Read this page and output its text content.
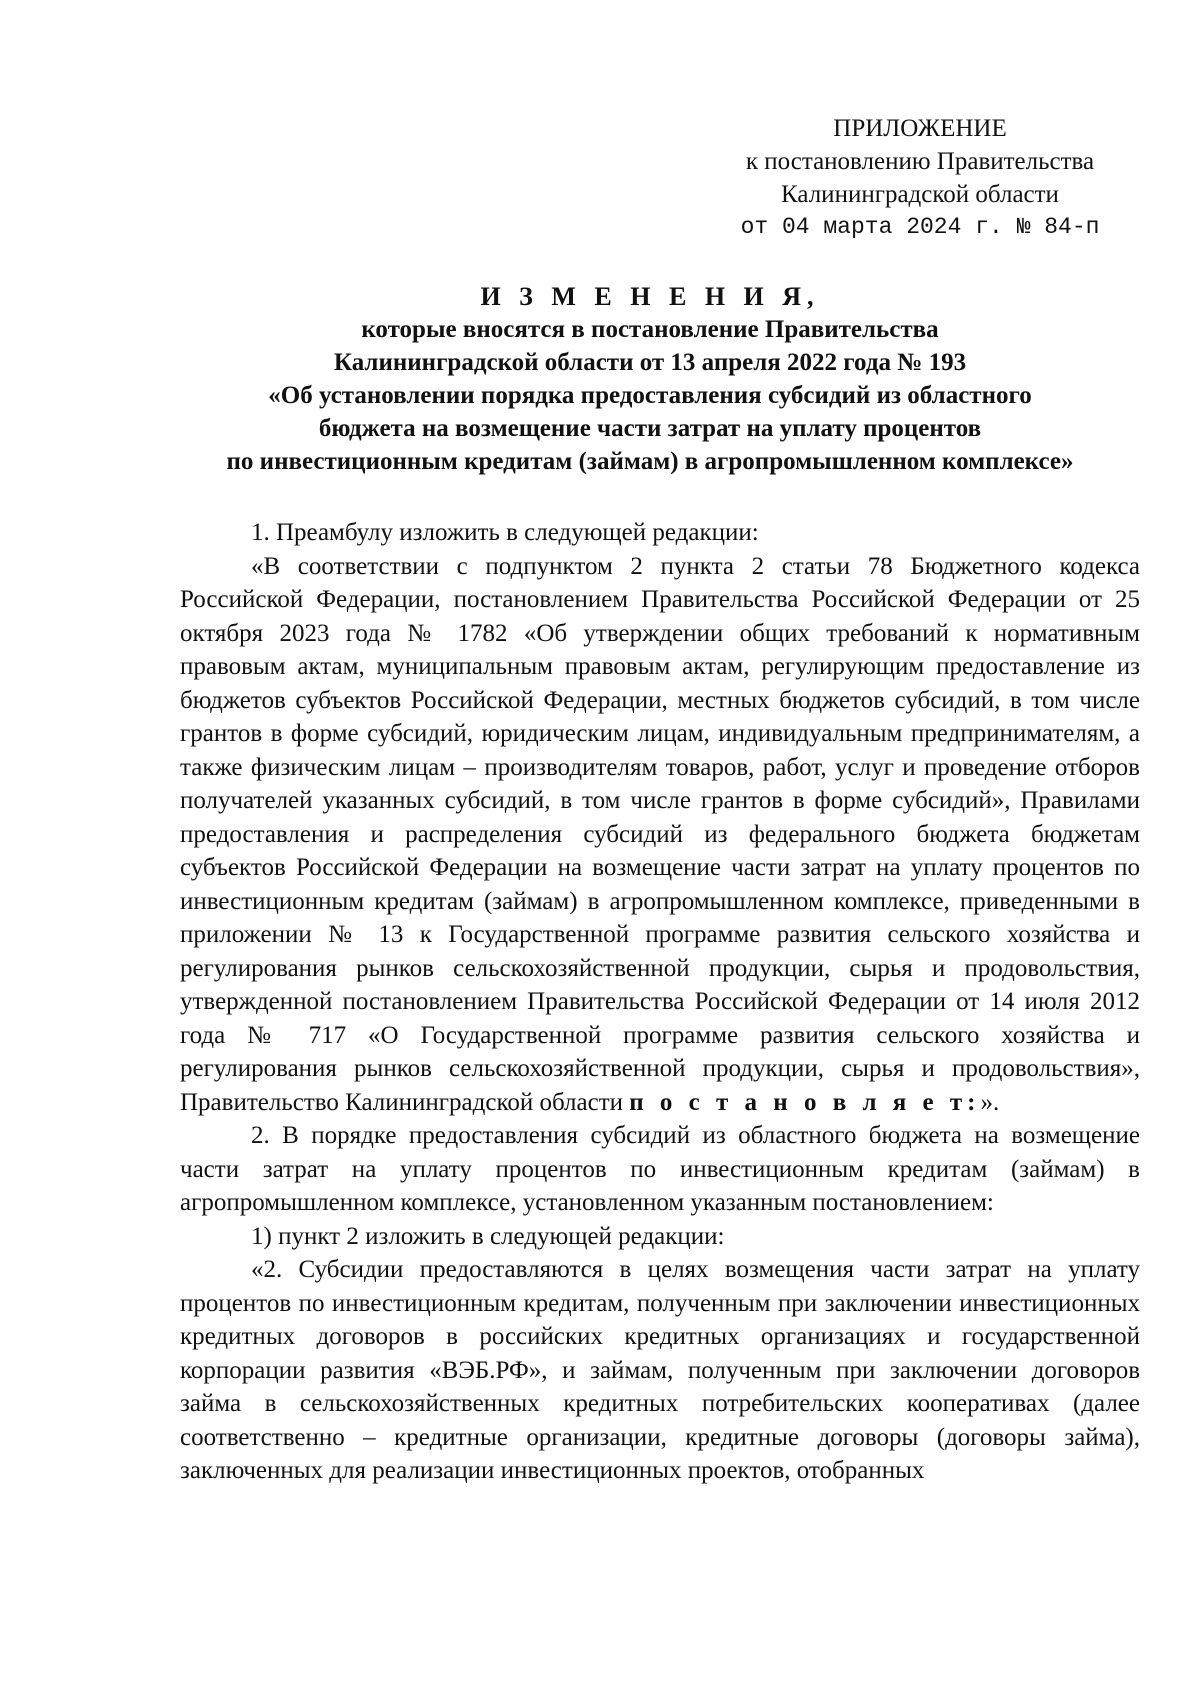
ПРИЛОЖЕНИЕ
к постановлению Правительства
Калининградской области
от 04 марта 2024 г. № 84-п
И З М Е Н Е Н И Я,
которые вносятся в постановление Правительства
Калининградской области от 13 апреля 2022 года № 193
«Об установлении порядка предоставления субсидий из областного
бюджета на возмещение части затрат на уплату процентов
по инвестиционным кредитам (займам) в агропромышленном комплексе»

1. Преамбулу изложить в следующей редакции:

«В соответствии с подпунктом 2 пункта 2 статьи 78 Бюджетного кодекса Российской Федерации, постановлением Правительства Российской Федерации от 25 октября 2023 года № 1782 «Об утверждении общих требований к нормативным правовым актам, муниципальным правовым актам, регулирующим предоставление из бюджетов субъектов Российской Федерации, местных бюджетов субсидий, в том числе грантов в форме субсидий, юридическим лицам, индивидуальным предпринимателям, а также физическим лицам – производителям товаров, работ, услуг и проведение отборов получателей указанных субсидий, в том числе грантов в форме субсидий», Правилами предоставления и распределения субсидий из федерального бюджета бюджетам субъектов Российской Федерации на возмещение части затрат на уплату процентов по инвестиционным кредитам (займам) в агропромышленном комплексе, приведенными в приложении № 13 к Государственной программе развития сельского хозяйства и регулирования рынков сельскохозяйственной продукции, сырья и продовольствия, утвержденной постановлением Правительства Российской Федерации от 14 июля 2012 года № 717 «О Государственной программе развития сельского хозяйства и регулирования рынков сельскохозяйственной продукции, сырья и продовольствия», Правительство Калининградской области п о с т а н о в л я е т:».

2. В порядке предоставления субсидий из областного бюджета на возмещение части затрат на уплату процентов по инвестиционным кредитам (займам) в агропромышленном комплексе, установленном указанным постановлением:

1) пункт 2 изложить в следующей редакции:

«2. Субсидии предоставляются в целях возмещения части затрат на уплату процентов по инвестиционным кредитам, полученным при заключении инвестиционных кредитных договоров в российских кредитных организациях и государственной корпорации развития «ВЭБ.РФ», и займам, полученным при заключении договоров займа в сельскохозяйственных кредитных потребительских кооперативах (далее соответственно – кредитные организации, кредитные договоры (договоры займа), заключенных для реализации инвестиционных проектов, отобранных
